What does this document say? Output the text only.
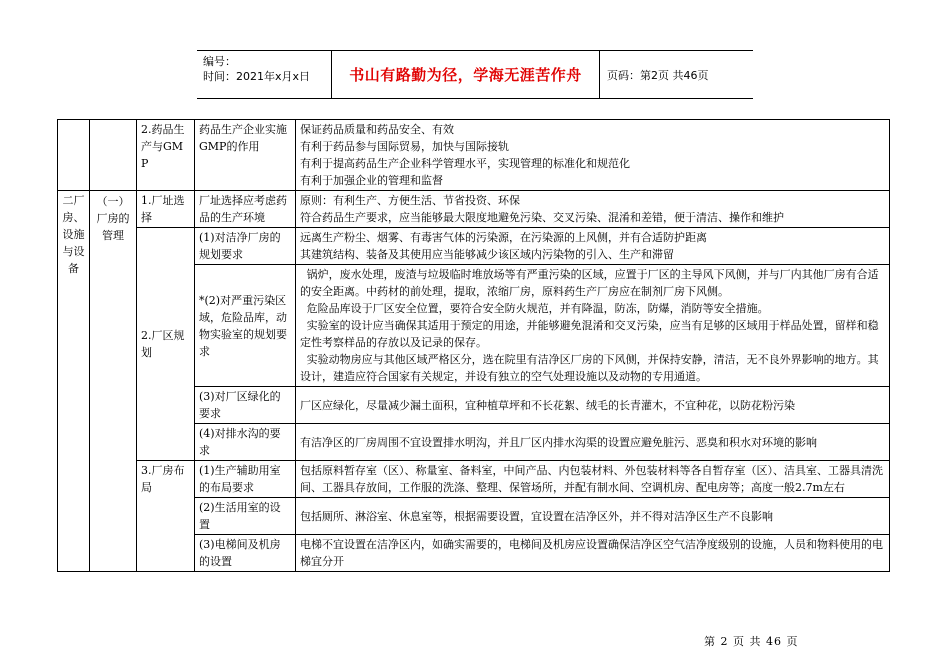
编号：
时间：2021年x月x日	书山有路勤为径，学海无涯苦作舟	页码：第2页 共46页
		2.药品生产与GMP	药品生产企业实施GMP的作用	保证药品质量和药品安全、有效
有利于药品参与国际贸易，加快与国际接轨
有利于提高药品生产企业科学管理水平，实现管理的标准化和规范化
有利于加强企业的管理和监督

二厂房、设施与设备	（一）厂房的管理	1.厂址选择	厂址选择应考虑药品的生产环境	原则：有利生产、方便生活、节省投资、环保
符合药品生产要求，应当能够最大限度地避免污染、交叉污染、混淆和差错，便于清洁、操作和维护

		2.厂区规划	(1)对洁净厂房的规划要求	远离生产粉尘、烟雾、有毒害气体的污染源，在污染源的上风侧，并有合适防护距离
其建筑结构、装备及其使用应当能够减少该区域内污染物的引入、生产和滞留

			*(2)对严重污染区域，危险品库，动物实验室的规划要求	锅炉，废水处理，废渣与垃圾临时堆放场等有严重污染的区域，应置于厂区的主导风下风侧，并与厂内其他厂房有合适的安全距离。中药材的前处理，提取，浓缩厂房，原料药生产厂房应在制剂厂房下风侧。
危险品库设于厂区安全位置，要符合安全防火规范，并有降温，防冻，防爆，消防等安全措施。
实验室的设计应当确保其适用于预定的用途，并能够避免混淆和交叉污染，应当有足够的区域用于样品处置，留样和稳定性考察样品的存放以及记录的保存。
实验动物房应与其他区域严格区分，选在院里有洁净区厂房的下风侧，并保持安静，清洁，无不良外界影响的地方。其设计，建造应符合国家有关规定，并设有独立的空气处理设施以及动物的专用通道。

			(3)对厂区绿化的要求	厂区应绿化，尽量减少漏土面积，宜种植草坪和不长花絮、绒毛的长青灌木，不宜种花，以防花粉污染

			(4)对排水沟的要求	有洁净区的厂房周围不宜设置排水明沟，并且厂区内排水沟渠的设置应避免脏污、恶臭和积水对环境的影响

		3.厂房布局	(1)生产辅助用室的布局要求	包括原料暂存室（区）、称量室、备料室，中间产品、内包装材料、外包装材料等各自暂存室（区）、洁具室、工器具清洗间、工器具存放间，工作服的洗涤、整理、保管场所，并配有制水间、空调机房、配电房等；高度一般2.7m左右

			(2)生活用室的设置	包括厕所、淋浴室、休息室等，根据需要设置，宜设置在洁净区外，并不得对洁净区生产不良影响

			(3)电梯间及机房的设置	电梯不宜设置在洁净区内，如确实需要的，电梯间及机房应设置确保洁净区空气洁净度级别的设施，人员和物料使用的电梯宜分开
第 2 页 共 46 页
